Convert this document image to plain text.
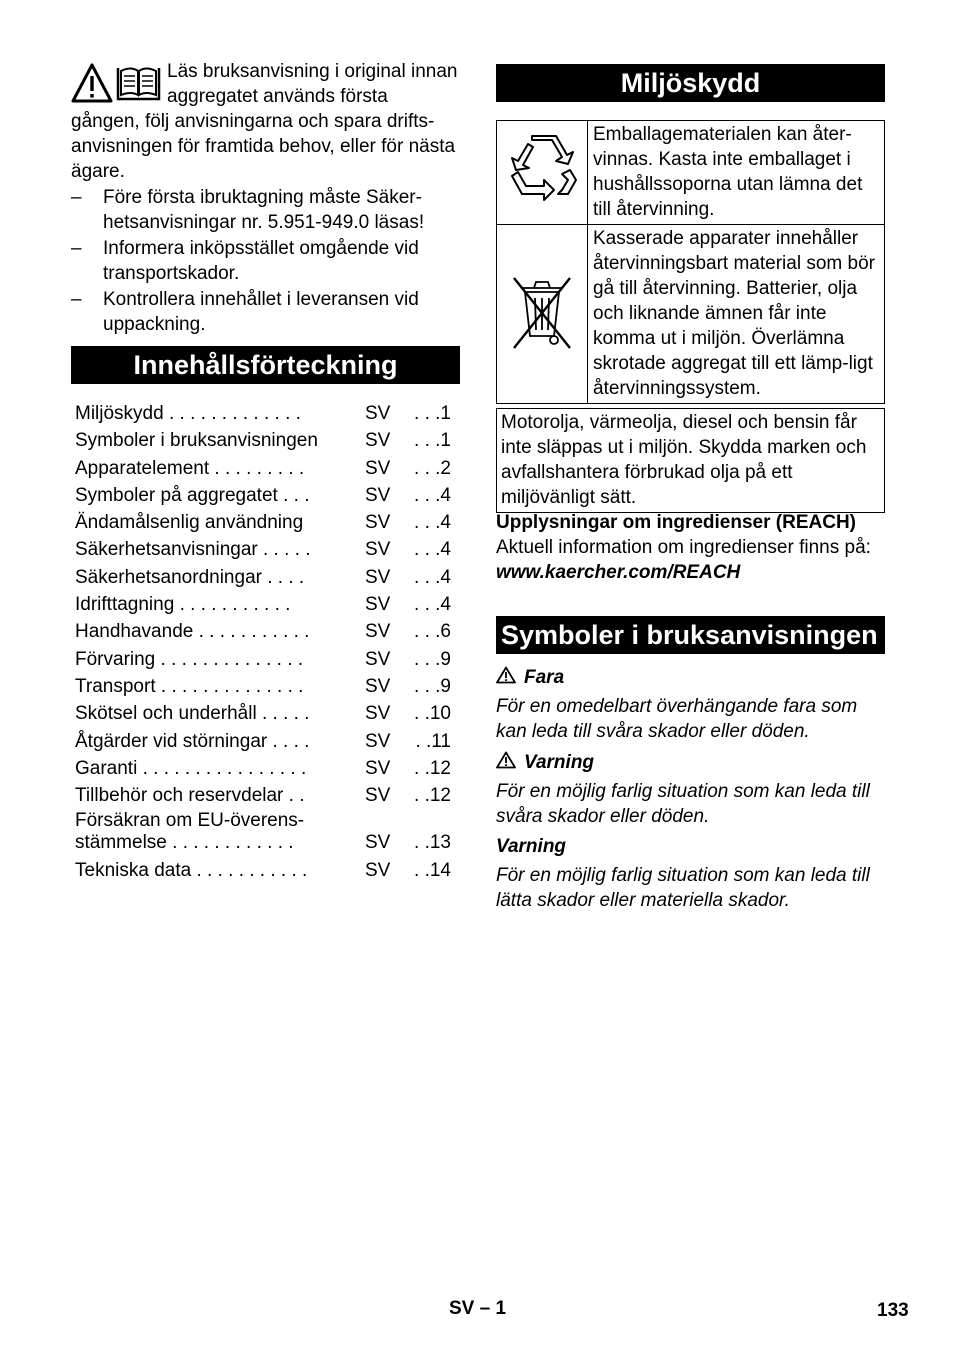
Läs bruksanvisning i original innan aggregatet används första gången, följ anvisningarna och spara drifts-anvisningen för framtida behov, eller för nästa ägare.

– Före första ibruktagning måste Säker-hetsanvisningar nr. 5.951-949.0 läsas!
– Informera inköpsstället omgående vid transportskador.
– Kontrollera innehållet i leveransen vid uppackning.
Innehållsförteckning
Miljöskydd . . . . . . . . . . . . .	SV . . .1
Symboler i bruksanvisningen SV . . .1
Apparatelement . . . . . . . . .	SV . . .2
Symboler på aggregatet . . .	SV . . .4
Ändamålsenlig användning	SV . . .4
Säkerhetsanvisningar . . . . .	SV . . .4
Säkerhetsanordningar . . . .	SV . . .4
Idrifttagning . . . . . . . . . . .	SV . . .4
Handhavande . . . . . . . . . . .	SV . . .6
Förvaring . . . . . . . . . . . . . .	SV . . .9
Transport . . . . . . . . . . . . . .	SV . . .9
Skötsel och underhåll . . . . .	SV . .10
Åtgärder vid störningar . . . .	SV . .11
Garanti . . . . . . . . . . . . . . . .	SV . .12
Tillbehör och reservdelar . .	SV . .12
Försäkran om EU-överens-stämmelse . . . . . . . . . . . .	SV . .13
Tekniska data . . . . . . . . . . .	SV . .14
Miljöskydd
	Emballagematerialen kan åter-vinnas. Kasta inte emballaget i hushållssoporna utan lämna det till återvinning.
	Kasserade apparater innehåller återvinningsbart material som bör gå till återvinning. Batterier, olja och liknande ämnen får inte komma ut i miljön. Överlämna skrotade aggregat till ett lämp-ligt återvinningssystem.
Motorolja, värmeolja, diesel och bensin får inte släppas ut i miljön. Skydda marken och avfallshantera förbrukad olja på ett miljövänligt sätt.

Upplysningar om ingredienser (REACH)

Aktuell information om ingredienser finns på:

www.kaercher.com/REACH

Symboler i bruksanvisningen

Fara

För en omedelbart överhängande fara som kan leda till svåra skador eller döden.

Varning

För en möjlig farlig situation som kan leda till svåra skador eller döden.

Varning

För en möjlig farlig situation som kan leda till lätta skador eller materiella skador.

SV – 1	133
